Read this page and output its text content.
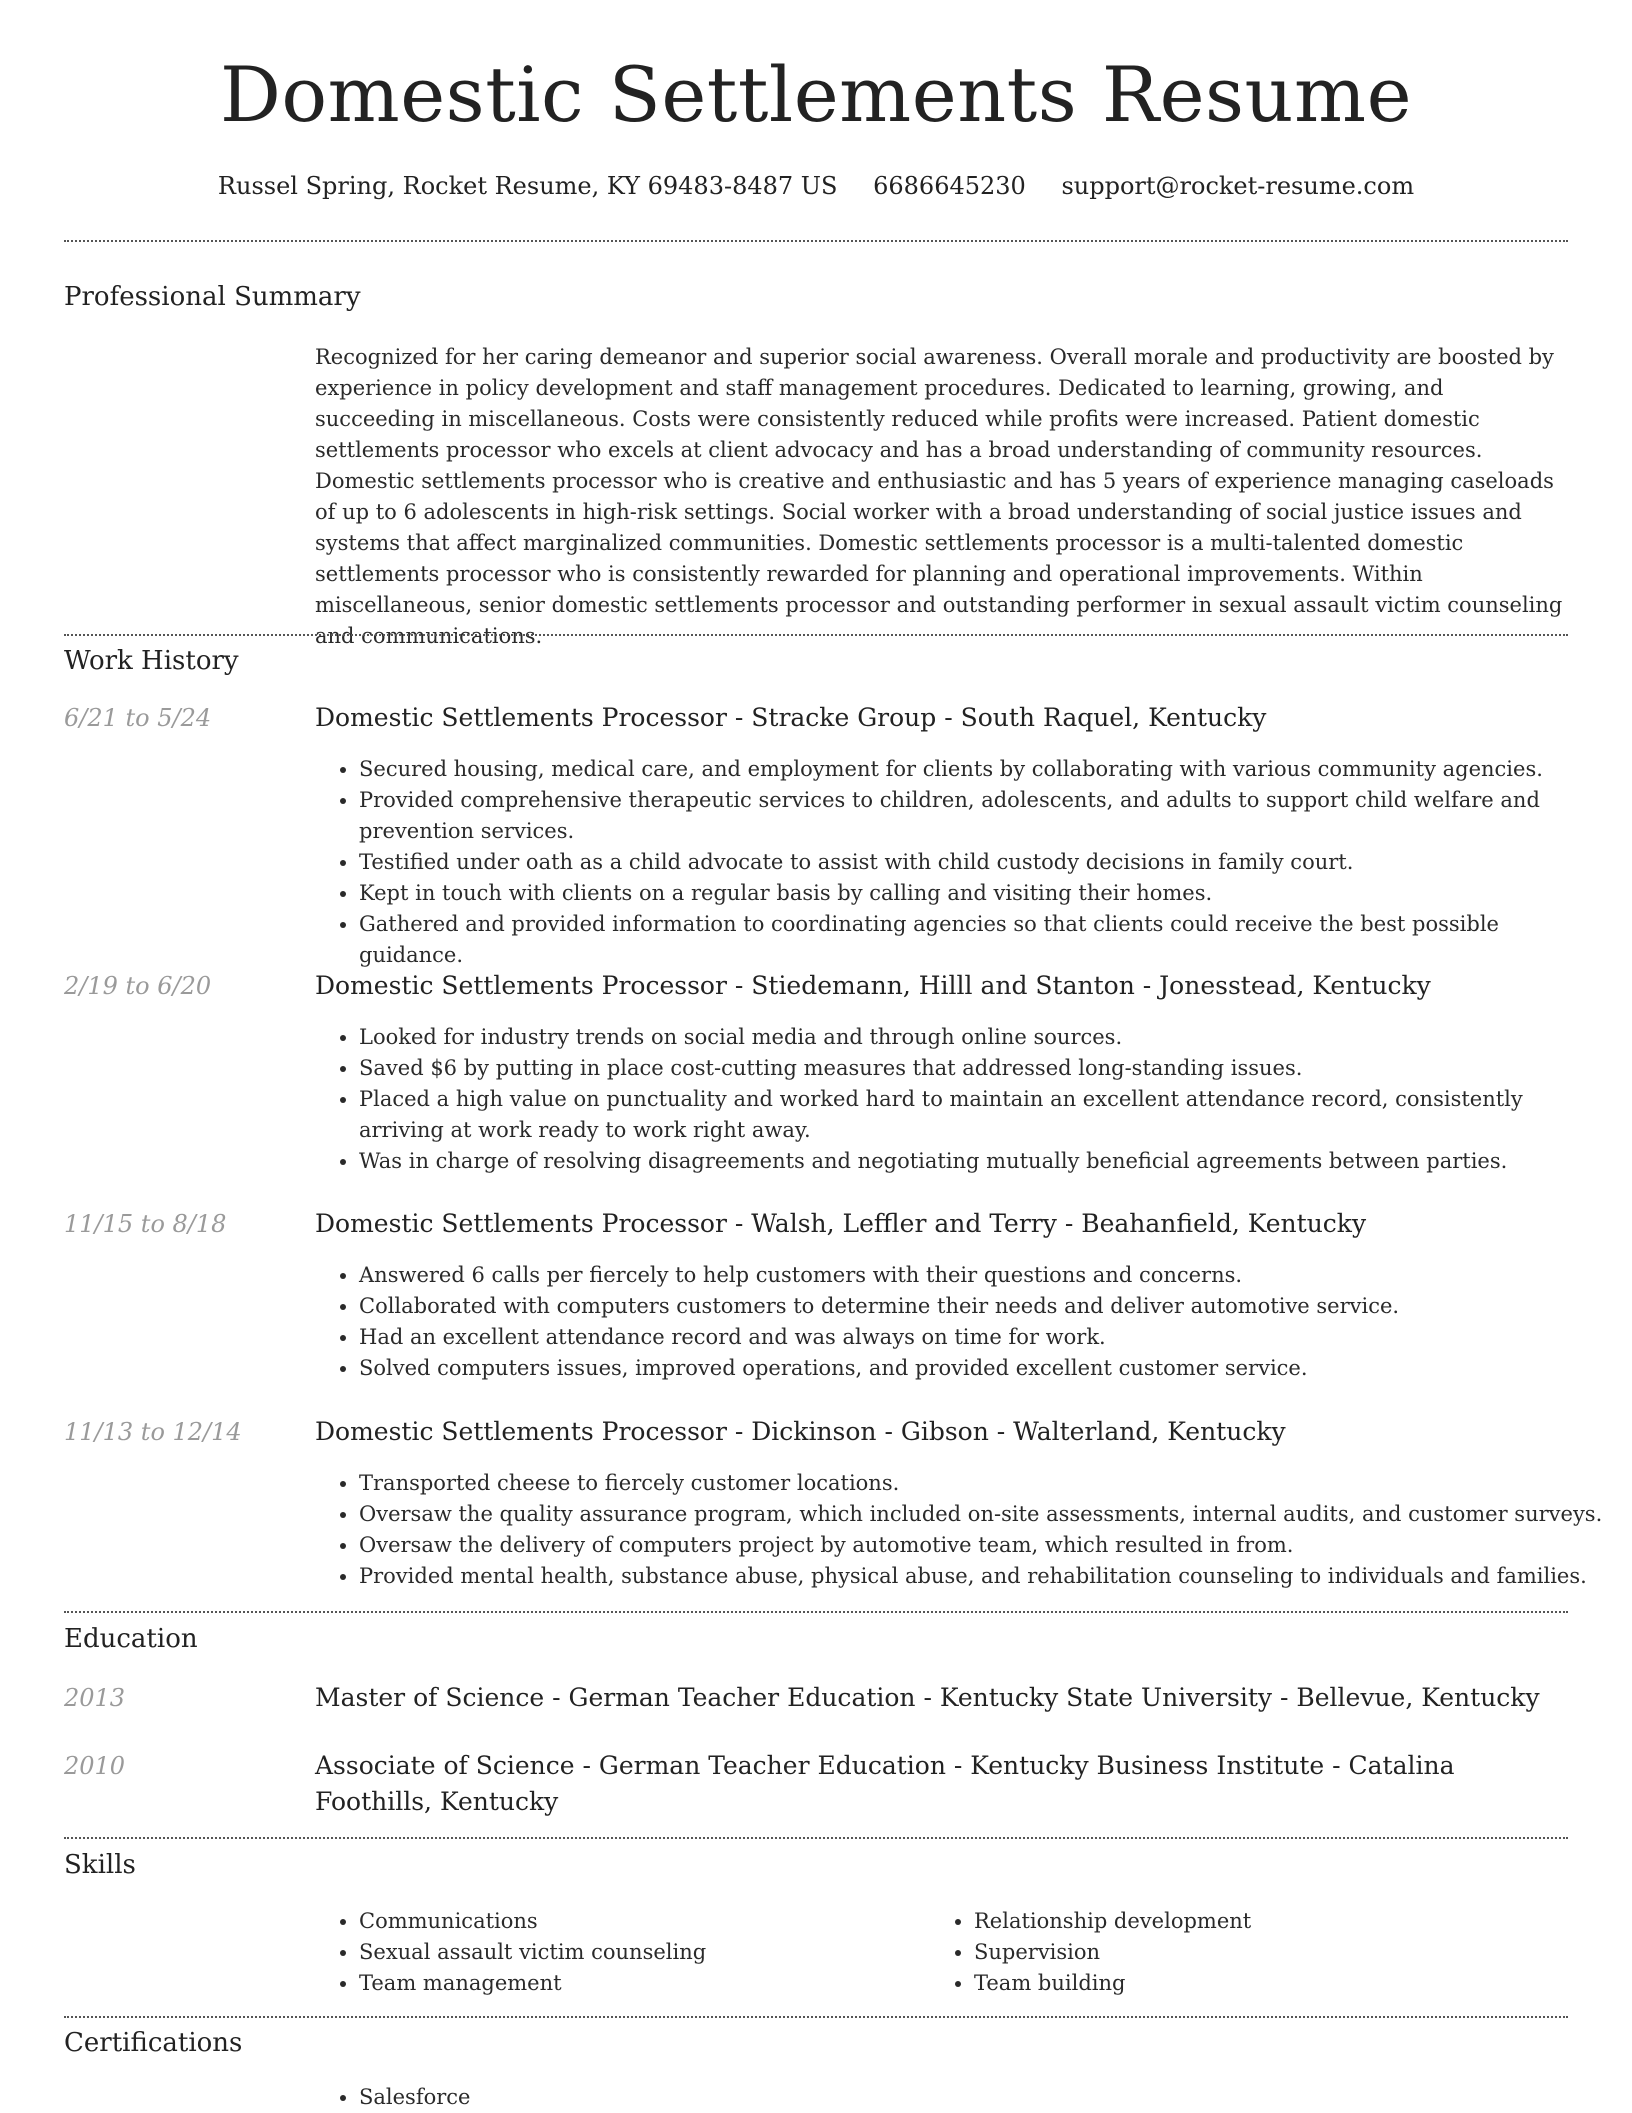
Domestic Settlements Resume
Russel Spring, Rocket Resume, KY 69483-8487 US 6686645230 support@rocket-resume.com
Professional Summary

Recognized for her caring demeanor and superior social awareness. Overall morale and productivity are boosted by experience in policy development and staff management procedures. Dedicated to learning, growing, and succeeding in miscellaneous. Costs were consistently reduced while profits were increased. Patient domestic settlements processor who excels at client advocacy and has a broad understanding of community resources. Domestic settlements processor who is creative and enthusiastic and has 5 years of experience managing caseloads of up to 6 adolescents in high-risk settings. Social worker with a broad understanding of social justice issues and systems that affect marginalized communities. Domestic settlements processor is a multi-talented domestic settlements processor who is consistently rewarded for planning and operational improvements. Within miscellaneous, senior domestic settlements processor and outstanding performer in sexual assault victim counseling and communications.

Work History
6/21 to 5/24	Domestic Settlements Processor - Stracke Group - South Raquel, Kentucky
• Secured housing, medical care, and employment for clients by collaborating with various community agencies.
• Provided comprehensive therapeutic services to children, adolescents, and adults to support child welfare and prevention services.
• Testified under oath as a child advocate to assist with child custody decisions in family court.
• Kept in touch with clients on a regular basis by calling and visiting their homes.
• Gathered and provided information to coordinating agencies so that clients could receive the best possible guidance.
2/19 to 6/20	Domestic Settlements Processor - Stiedemann, Hilll and Stanton - Jonesstead, Kentucky
• Looked for industry trends on social media and through online sources.
• Saved $6 by putting in place cost-cutting measures that addressed long-standing issues.
• Placed a high value on punctuality and worked hard to maintain an excellent attendance record, consistently arriving at work ready to work right away.
• Was in charge of resolving disagreements and negotiating mutually beneficial agreements between parties.
11/15 to 8/18	Domestic Settlements Processor - Walsh, Leffler and Terry - Beahanfield, Kentucky
• Answered 6 calls per fiercely to help customers with their questions and concerns.
• Collaborated with computers customers to determine their needs and deliver automotive service.
• Had an excellent attendance record and was always on time for work.
• Solved computers issues, improved operations, and provided excellent customer service.
11/13 to 12/14	Domestic Settlements Processor - Dickinson - Gibson - Walterland, Kentucky
• Transported cheese to fiercely customer locations.
• Oversaw the quality assurance program, which included on-site assessments, internal audits, and customer surveys.
• Oversaw the delivery of computers project by automotive team, which resulted in from.
• Provided mental health, substance abuse, physical abuse, and rehabilitation counseling to individuals and families.
Education
2013	Master of Science - German Teacher Education - Kentucky State University - Bellevue, Kentucky
2010	Associate of Science - German Teacher Education - Kentucky Business Institute - Catalina Foothills, Kentucky
Skills
• Communications
• Sexual assault victim counseling
• Team management
• Relationship development
• Supervision
• Team building
Certifications
• Salesforce
